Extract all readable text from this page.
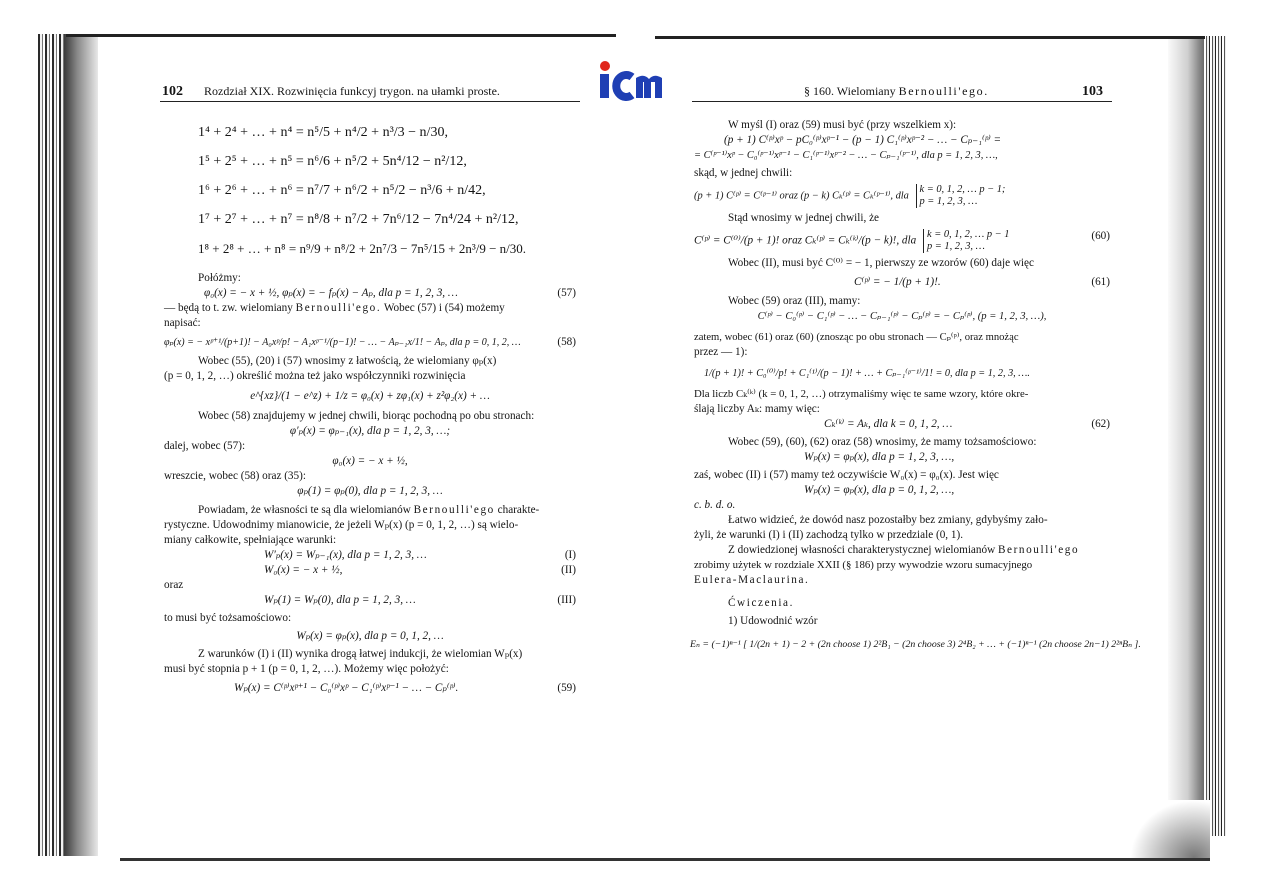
102 Rozdział XIX. Rozwinięcia funkcyj trygon. na ułamki proste.	§ 160. Wielomiany Bernoulli'ego.	103
1⁴ + 2⁴ + … + n⁴ = n⁵/5 + n⁴/2 + n³/3 − n/30,
1⁵ + 2⁵ + … + n⁵ = n⁶/6 + n⁵/2 + 5n⁴/12 − n²/12,
1⁶ + 2⁶ + … + n⁶ = n⁷/7 + n⁶/2 + n⁵/2 − n³/6 + n/42,
1⁷ + 2⁷ + … + n⁷ = n⁸/8 + n⁷/2 + 7n⁶/12 − 7n⁴/24 + n²/12,
1⁸ + 2⁸ + … + n⁸ = n⁹/9 + n⁸/2 + 2n⁷/3 − 7n⁵/15 + 2n³/9 − n/30.
Połóżmy:
φ₀(x) = − x + ½, φₚ(x) = − fₚ(x) − Aₚ, dla p = 1, 2, 3, …	(57)
— będą to t. zw. wielomiany Bernoulli'ego. Wobec (57) i (54) możemy
napisać:
φₚ(x) = − xᵖ⁺¹/(p+1)! − A₀xᵖ/p! − A₁xᵖ⁻¹/(p−1)! − … − Aₚ₋₁x/1! − Aₚ, dla p = 0, 1, 2, …	(58)
Wobec (55), (20) i (57) wnosimy z łatwością, że wielomiany φₚ(x)
(p = 0, 1, 2, …) określić można też jako współczynniki rozwinięcia
e^{xz}/(1 − e^z) + 1/z = φ₀(x) + zφ₁(x) + z²φ₂(x) + …
Wobec (58) znajdujemy w jednej chwili, biorąc pochodną po obu stronach:
φ′ₚ(x) = φₚ₋₁(x), dla p = 1, 2, 3, …;
dalej, wobec (57):
φ₀(x) = − x + ½,
wreszcie, wobec (58) oraz (35):
φₚ(1) = φₚ(0), dla p = 1, 2, 3, …
Powiadam, że własności te są dla wielomianów Bernoulli'ego charakte-
rystyczne. Udowodnimy mianowicie, że jeżeli Wₚ(x) (p = 0, 1, 2, …) są wielo-
miany całkowite, spełniające warunki:
W′ₚ(x) = Wₚ₋₁(x), dla p = 1, 2, 3, …	(I)
W₀(x) = − x + ½,	(II)
oraz
Wₚ(1) = Wₚ(0), dla p = 1, 2, 3, …	(III)
to musi być tożsamościowo:
Wₚ(x) = φₚ(x), dla p = 0, 1, 2, …
Z warunków (I) i (II) wynika drogą łatwej indukcji, że wielomian Wₚ(x)
musi być stopnia p + 1 (p = 0, 1, 2, …). Możemy więc położyć:
Wₚ(x) = C⁽ᵖ⁾xᵖ⁺¹ − C₀⁽ᵖ⁾xᵖ − C₁⁽ᵖ⁾xᵖ⁻¹ − … − Cₚ⁽ᵖ⁾.	(59)
W myśl (I) oraz (59) musi być (przy wszelkiem x):
(p + 1) C⁽ᵖ⁾xᵖ − pC₀⁽ᵖ⁾xᵖ⁻¹ − (p − 1) C₁⁽ᵖ⁾xᵖ⁻² − … − Cₚ₋₁⁽ᵖ⁾ =
= C⁽ᵖ⁻¹⁾xᵖ − C₀⁽ᵖ⁻¹⁾xᵖ⁻¹ − C₁⁽ᵖ⁻¹⁾xᵖ⁻² − … − Cₚ₋₁⁽ᵖ⁻¹⁾, dla p = 1, 2, 3, …,
skąd, w jednej chwili:
(p + 1) C⁽ᵖ⁾ = C⁽ᵖ⁻¹⁾ oraz (p − k) Cₖ⁽ᵖ⁾ = Cₖ⁽ᵖ⁻¹⁾, dla
k = 0, 1, 2, … p − 1;
p = 1, 2, 3, …
Stąd wnosimy w jednej chwili, że
C⁽ᵖ⁾ = C⁽⁰⁾/(p + 1)! oraz Cₖ⁽ᵖ⁾ = Cₖ⁽ᵏ⁾/(p − k)!, dla
k = 0, 1, 2, … p − 1
p = 1, 2, 3, …
(60)
Wobec (II), musi być C⁽⁰⁾ = − 1, pierwszy ze wzorów (60) daje więc
C⁽ᵖ⁾ = − 1/(p + 1)!.	(61)
Wobec (59) oraz (III), mamy:
C⁽ᵖ⁾ − C₀⁽ᵖ⁾ − C₁⁽ᵖ⁾ − … − Cₚ₋₁⁽ᵖ⁾ − Cₚ⁽ᵖ⁾ = − Cₚ⁽ᵖ⁾, (p = 1, 2, 3, …),
zatem, wobec (61) oraz (60) (znosząc po obu stronach — Cₚ⁽ᵖ⁾, oraz mnożąc
przez — 1):
1/(p + 1)! + C₀⁽⁰⁾/p! + C₁⁽¹⁾/(p − 1)! + … + Cₚ₋₁⁽ᵖ⁻¹⁾/1! = 0, dla p = 1, 2, 3, ….
Dla liczb Cₖ⁽ᵏ⁾ (k = 0, 1, 2, …) otrzymaliśmy więc te same wzory, które okre-
ślają liczby Aₖ: mamy więc:
Cₖ⁽ᵏ⁾ = Aₖ, dla k = 0, 1, 2, …	(62)
Wobec (59), (60), (62) oraz (58) wnosimy, że mamy tożsamościowo:
Wₚ(x) = φₚ(x), dla p = 1, 2, 3, …,
zaś, wobec (II) i (57) mamy też oczywiście W₀(x) = φ₀(x). Jest więc
Wₚ(x) = φₚ(x), dla p = 0, 1, 2, …,
c. b. d. o.
Łatwo widzieć, że dowód nasz pozostałby bez zmiany, gdybyśmy zało-
żyli, że warunki (I) i (II) zachodzą tylko w przedziale (0, 1).
Z dowiedzionej własności charakterystycznej wielomianów Bernoulli'ego
zrobimy użytek w rozdziale XXII (§ 186) przy wywodzie wzoru sumacyjnego
Eulera-Maclaurina.
Ćwiczenia.
1) Udowodnić wzór
Eₙ = (−1)ⁿ⁻¹ [ 1/(2n + 1) − 2 + (2n choose 1) 2²B₁ − (2n choose 3) 2⁴B₂ + … + (−1)ⁿ⁻¹ (2n choose 2n−1) 2²ⁿBₙ ].
